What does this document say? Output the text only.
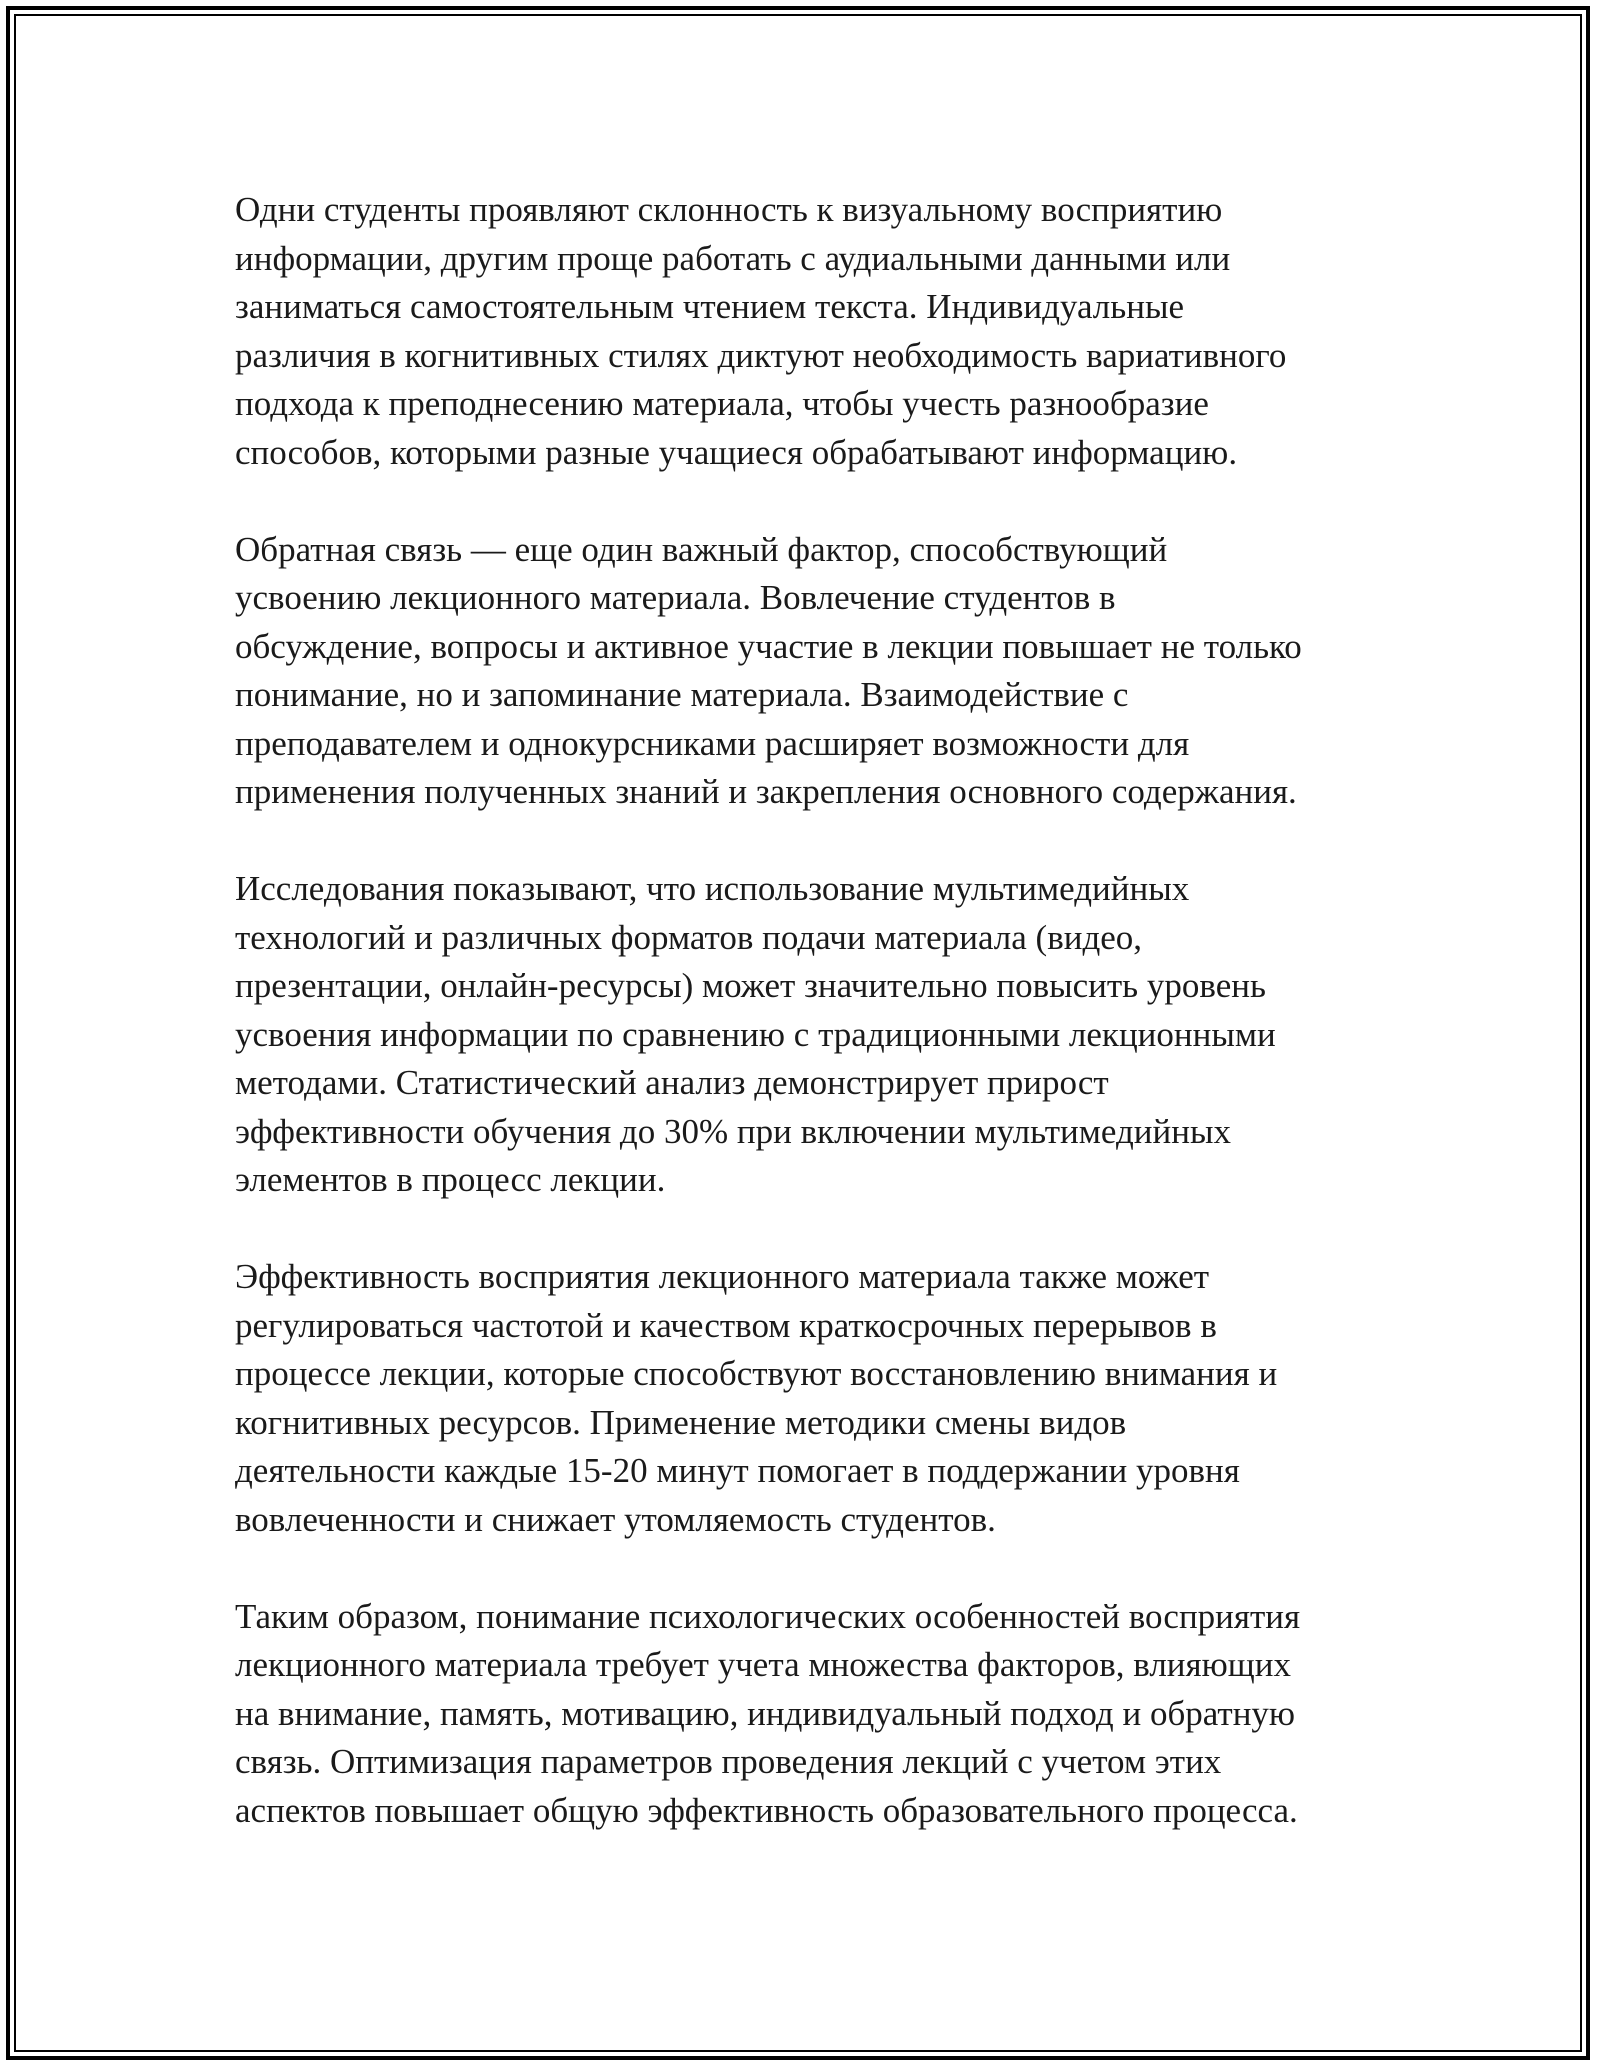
Одни студенты проявляют склонность к визуальному восприятию
информации, другим проще работать с аудиальными данными или
заниматься самостоятельным чтением текста. Индивидуальные
различия в когнитивных стилях диктуют необходимость вариативного
подхода к преподнесению материала, чтобы учесть разнообразие
способов, которыми разные учащиеся обрабатывают информацию.

Обратная связь — еще один важный фактор, способствующий
усвоению лекционного материала. Вовлечение студентов в
обсуждение, вопросы и активное участие в лекции повышает не только
понимание, но и запоминание материала. Взаимодействие с
преподавателем и однокурсниками расширяет возможности для
применения полученных знаний и закрепления основного содержания.

Исследования показывают, что использование мультимедийных
технологий и различных форматов подачи материала (видео,
презентации, онлайн-ресурсы) может значительно повысить уровень
усвоения информации по сравнению с традиционными лекционными
методами. Статистический анализ демонстрирует прирост
эффективности обучения до 30% при включении мультимедийных
элементов в процесс лекции.

Эффективность восприятия лекционного материала также может
регулироваться частотой и качеством краткосрочных перерывов в
процессе лекции, которые способствуют восстановлению внимания и
когнитивных ресурсов. Применение методики смены видов
деятельности каждые 15-20 минут помогает в поддержании уровня
вовлеченности и снижает утомляемость студентов.

Таким образом, понимание психологических особенностей восприятия
лекционного материала требует учета множества факторов, влияющих
на внимание, память, мотивацию, индивидуальный подход и обратную
связь. Оптимизация параметров проведения лекций с учетом этих
аспектов повышает общую эффективность образовательного процесса.
